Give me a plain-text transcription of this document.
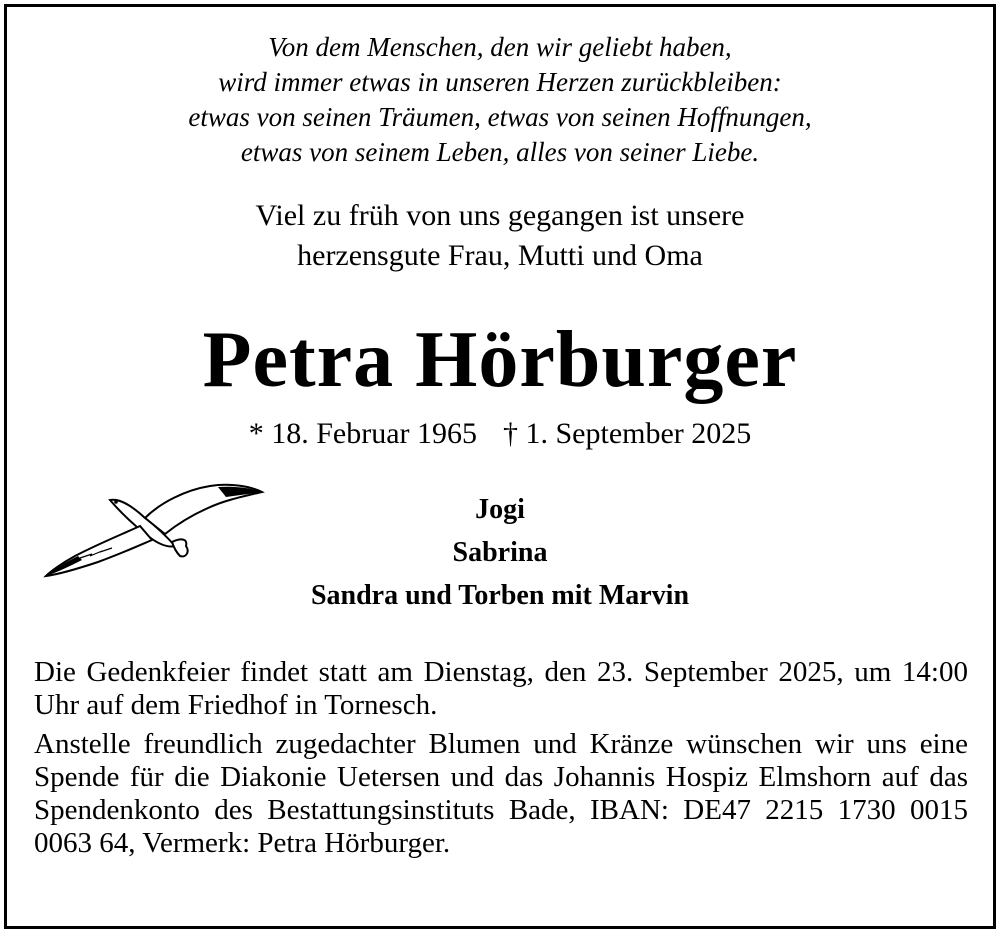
Von dem Menschen, den wir geliebt haben,
wird immer etwas in unseren Herzen zurückbleiben:
etwas von seinen Träumen, etwas von seinen Hoffnungen,
etwas von seinem Leben, alles von seiner Liebe.
Viel zu früh von uns gegangen ist unsere
herzensgute Frau, Mutti und Oma
Petra Hörburger
* 18. Februar 1965 † 1. September 2025
Jogi
Sabrina
Sandra und Torben mit Marvin

Die Gedenkfeier findet statt am Dienstag, den 23. September 2025, um 14:00 Uhr auf dem Friedhof in Tornesch.

Anstelle freundlich zugedachter Blumen und Kränze wünschen wir uns eine Spende für die Diakonie Uetersen und das Johannis Hospiz Elmshorn auf das Spendenkonto des Bestattungsinstituts Bade, IBAN: DE47 2215 1730 0015 0063 64, Vermerk: Petra Hörburger.
